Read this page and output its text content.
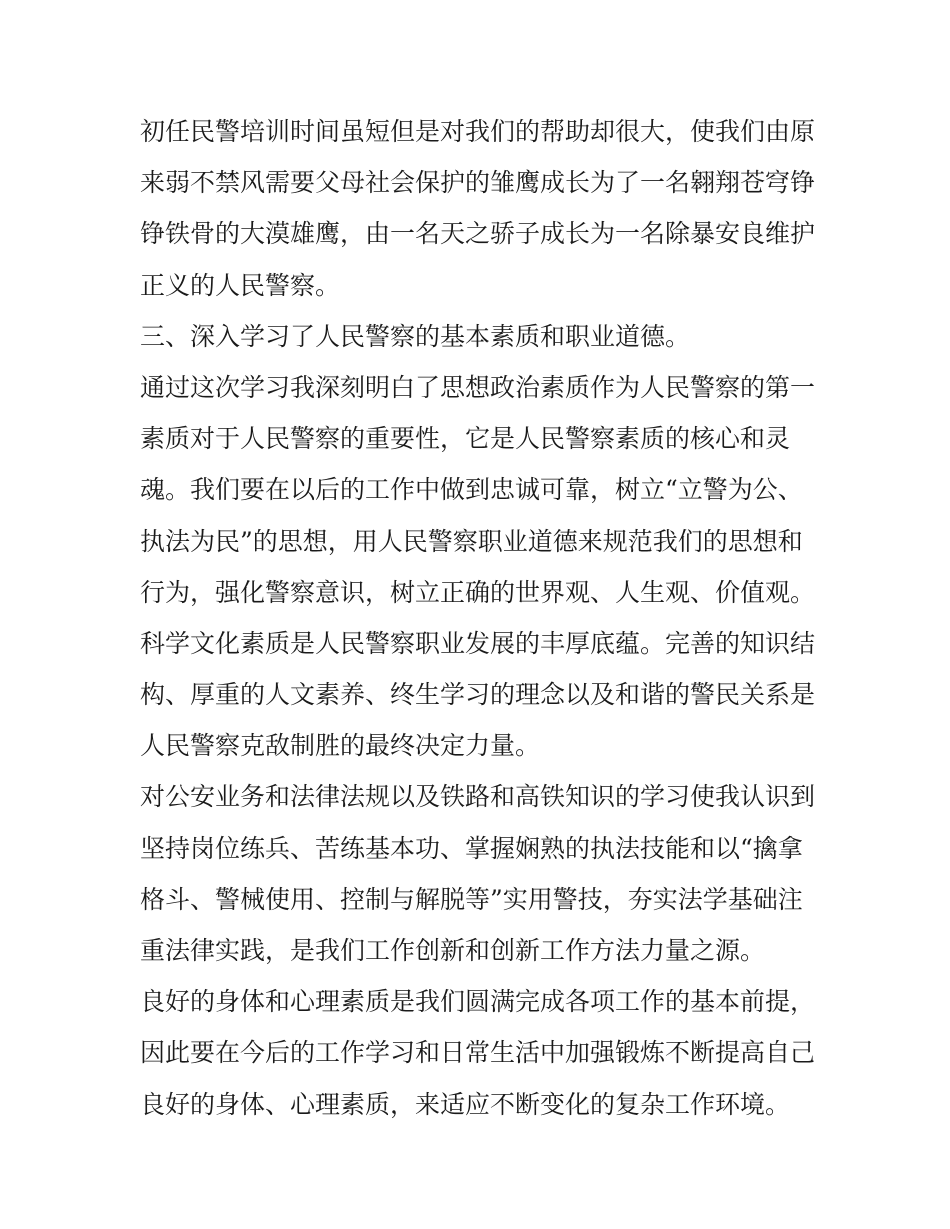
初任民警培训时间虽短但是对我们的帮助却很大，使我们由原

来弱不禁风需要父母社会保护的雏鹰成长为了一名翱翔苍穹铮

铮铁骨的大漠雄鹰，由一名天之骄子成长为一名除暴安良维护

正义的人民警察。

三、深入学习了人民警察的基本素质和职业道德。

通过这次学习我深刻明白了思想政治素质作为人民警察的第一

素质对于人民警察的重要性，它是人民警察素质的核心和灵

魂。我们要在以后的工作中做到忠诚可靠，树立“立警为公、

执法为民”的思想，用人民警察职业道德来规范我们的思想和

行为，强化警察意识，树立正确的世界观、人生观、价值观。

科学文化素质是人民警察职业发展的丰厚底蕴。完善的知识结

构、厚重的人文素养、终生学习的理念以及和谐的警民关系是

人民警察克敌制胜的最终决定力量。

对公安业务和法律法规以及铁路和高铁知识的学习使我认识到

坚持岗位练兵、苦练基本功、掌握娴熟的执法技能和以“擒拿

格斗、警械使用、控制与解脱等”实用警技，夯实法学基础注

重法律实践，是我们工作创新和创新工作方法力量之源。

良好的身体和心理素质是我们圆满完成各项工作的基本前提，

因此要在今后的工作学习和日常生活中加强锻炼不断提高自己

良好的身体、心理素质，来适应不断变化的复杂工作环境。
